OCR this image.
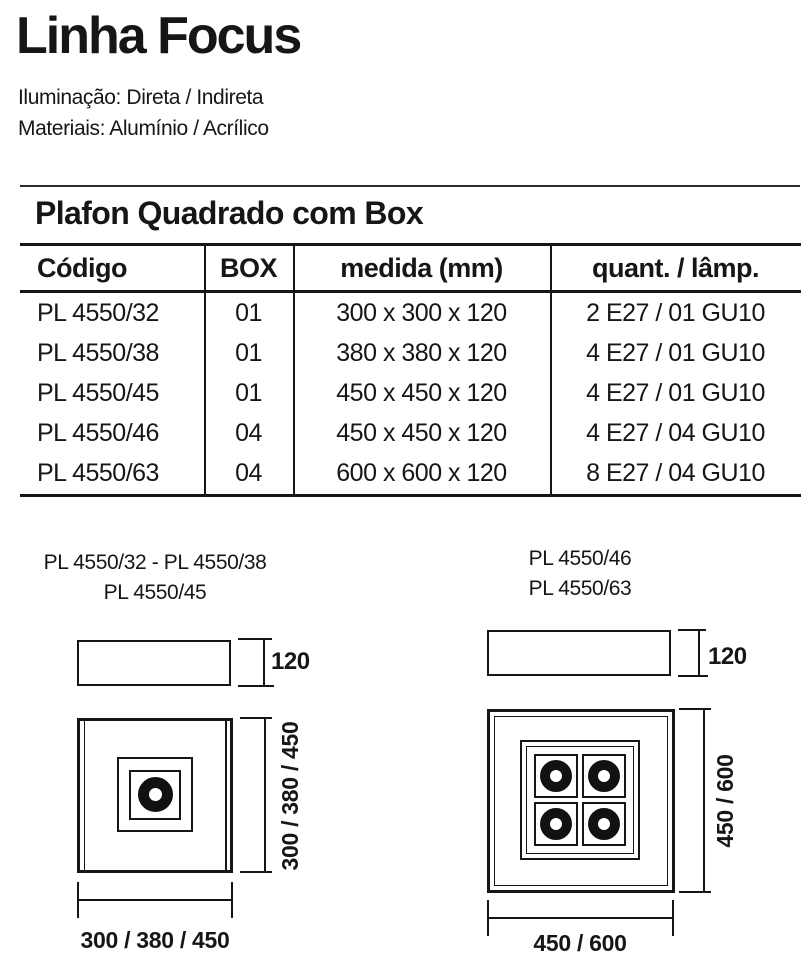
Linha Focus
Iluminação: Direta / Indireta
Materiais: Alumínio / Acrílico
Plafon Quadrado com Box
Código	BOX	medida (mm)	quant. / lâmp.
PL 4550/32	01	300 x 300 x 120	2 E27 / 01 GU10
PL 4550/38	01	380 x 380 x 120	4 E27 / 01 GU10
PL 4550/45	01	450 x 450 x 120	4 E27 / 01 GU10
PL 4550/46	04	450 x 450 x 120	4 E27 / 04 GU10
PL 4550/63	04	600 x 600 x 120	8 E27 / 04 GU10
PL 4550/32 - PL 4550/38
PL 4550/45
120
300 / 380 / 450
300 / 380 / 450
PL 4550/46
PL 4550/63
120
450 / 600
450 / 600
